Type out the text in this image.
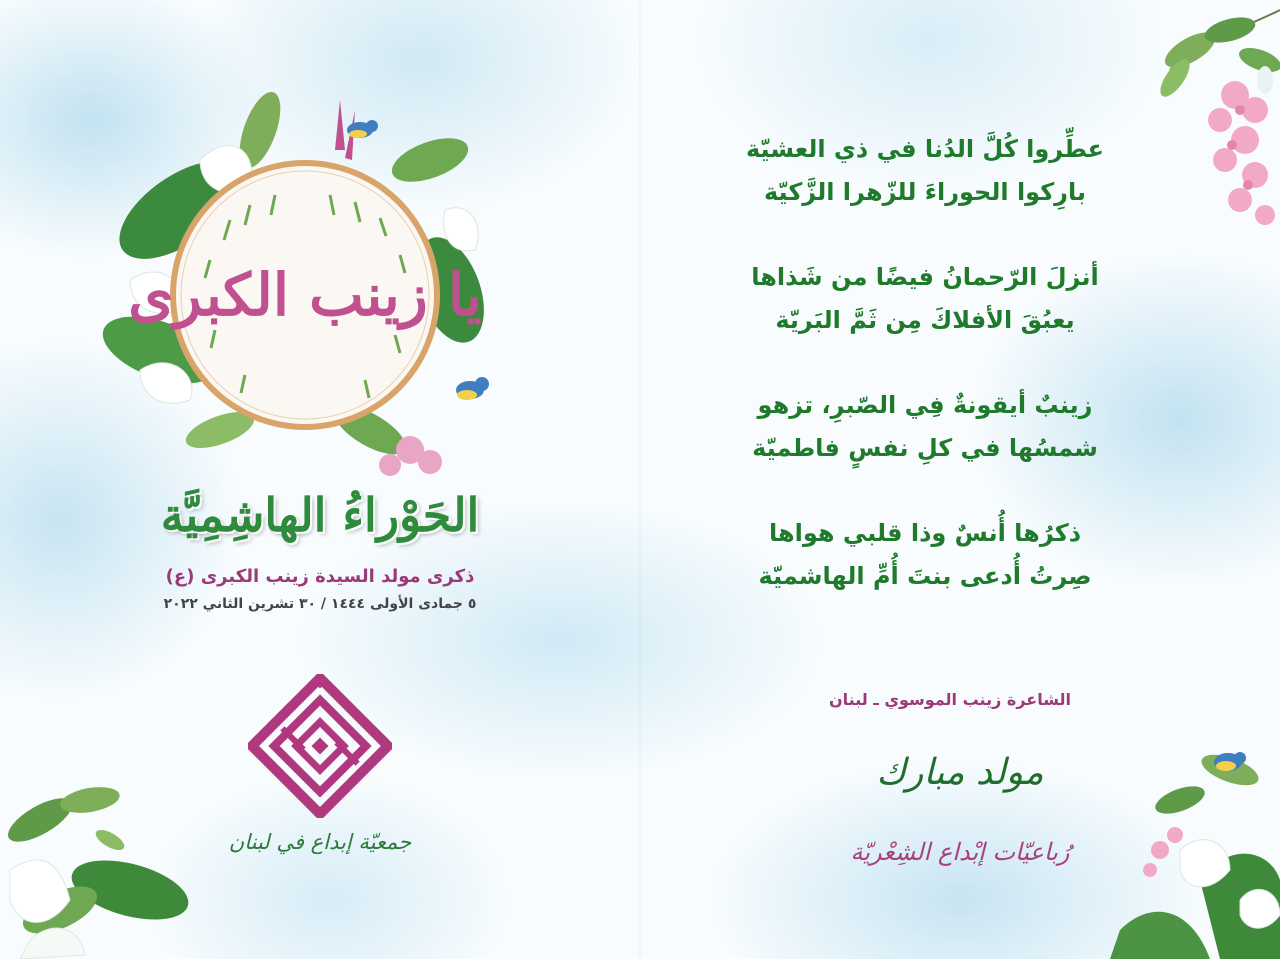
يا زينب الكبرى
الحَوْراءُ الهاشِمِيَّة
ذكرى مولد السيدة زينب الكبرى (ع)
٥ جمادى الأولى ١٤٤٤ / ٣٠ تشرين الثاني ٢٠٢٢
جمعيّة إبداع في لبنان
عطِّروا كُلَّ الدُنا في ذي العشيّة
بارِكوا الحوراءَ للزّهرا الزَّكيّة
أنزلَ الرّحمانُ فيضًا من شَذاها
يعبُقَ الأفلاكَ مِن ثَمَّ البَريّة
زينبٌ أيقونةٌ فِي الصّبرِ، تزهو
شمسُها في كلِ نفسٍ فاطميّة
ذكرُها أُنسٌ وذا قلبي هواها
صِرتُ أُدعى بنتَ أُمِّ الهاشميّة
الشاعرة زينب الموسوي ـ لبنان
مولد مبارك
رُباعيّات إبْداع الشِعْريّة
